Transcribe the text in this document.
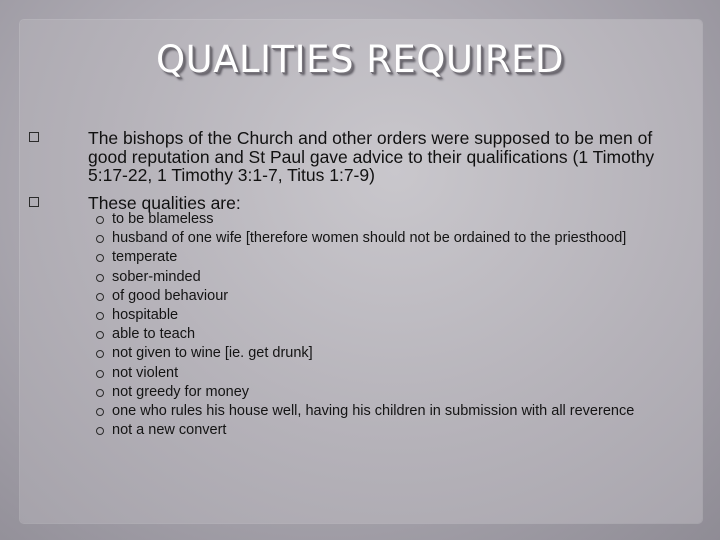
QUALITIES REQUIRED
The bishops of the Church and other orders were supposed to be men of good reputation and St Paul gave advice to their qualifications (1 Timothy 5:17-22, 1 Timothy 3:1-7, Titus 1:7-9)
These qualities are:
to be blameless
husband of one wife [therefore women should not be ordained to the priesthood]
temperate
sober-minded
of good behaviour
hospitable
able to teach
not given to wine [ie. get drunk]
not violent
not greedy for money
one who rules his house well, having his children in submission with all reverence
not a new convert
